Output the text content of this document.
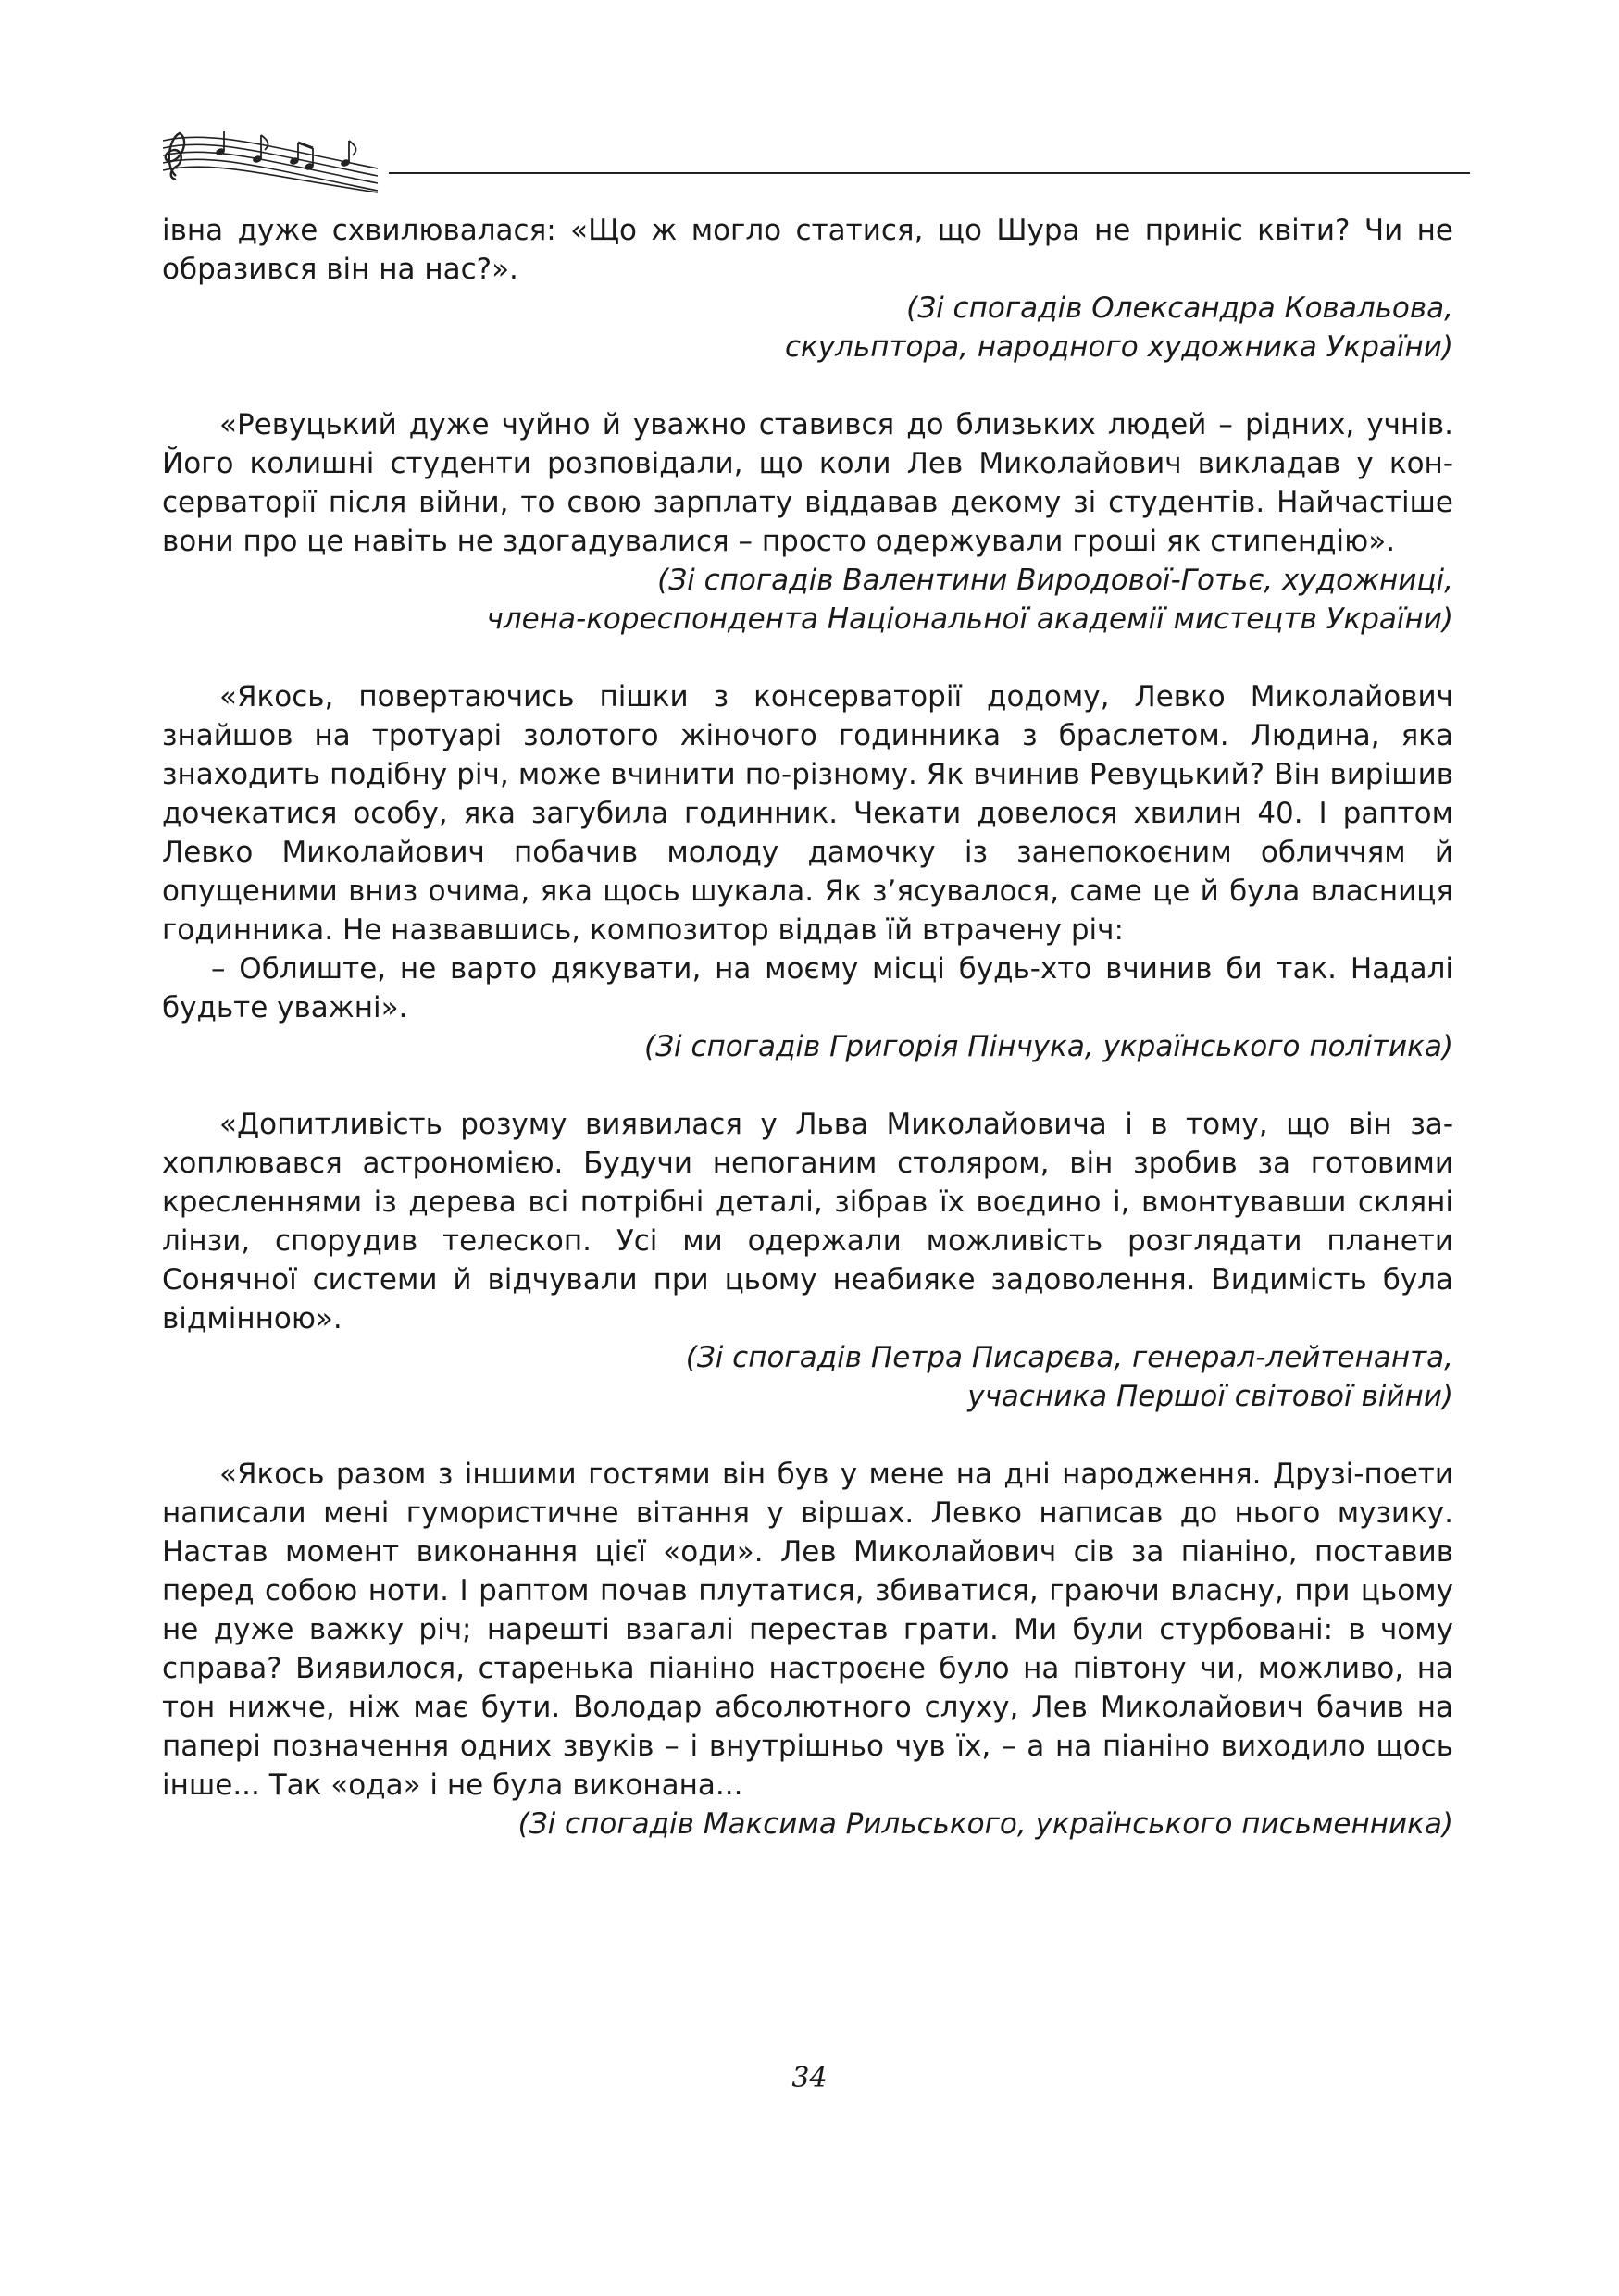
івна дуже схвилювалася: «Що ж могло статися, що Шура не приніс квіти? Чи не образився він на нас?».

(Зі спогадів Олександра Ковальова,

скульптора, народного художника України)

«Ревуцький дуже чуйно й уважно ставився до близьких людей – рідних, учнів. Його колишні студенти розповідали, що коли Лев Миколайович викладав у консерваторії після війни, то свою зарплату віддавав декому зі студентів. Найчастіше вони про це навіть не здогадувалися – просто одержували гроші як стипендію».

(Зі спогадів Валентини Виродової-Готьє, художниці,

члена-кореспондента Національної академії мистецтв України)

«Якось, повертаючись пішки з консерваторії додому, Левко Миколайович знайшов на тротуарі золотого жіночого годинника з браслетом. Людина, яка знаходить подібну річ, може вчинити по-різному. Як вчинив Ревуцький? Він вирішив дочекатися особу, яка загубила годинник. Чекати довелося хвилин 40. І раптом Левко Миколайович побачив молоду дамочку із занепокоєним обличчям й опущеними вниз очима, яка щось шукала. Як з’ясувалося, саме це й була власниця годинника. Не назвавшись, композитор віддав їй втрачену річ:

– Облиште, не варто дякувати, на моєму місці будь-хто вчинив би так. Надалі будьте уважні».

(Зі спогадів Григорія Пінчука, українського політика)

«Допитливість розуму виявилася у Льва Миколайовича і в тому, що він захоплювався астрономією. Будучи непоганим столяром, він зробив за готовими кресленнями із дерева всі потрібні деталі, зібрав їх воєдино і, вмонтувавши скляні лінзи, спорудив телескоп. Усі ми одержали можливість розглядати планети Сонячної системи й відчували при цьому неабияке задоволення. Видимість була відмінною».

(Зі спогадів Петра Писарєва, генерал-лейтенанта,

учасника Першої світової війни)

«Якось разом з іншими гостями він був у мене на дні народження. Друзі-поети написали мені гумористичне вітання у віршах. Левко написав до нього музику. Настав момент виконання цієї «оди». Лев Миколайович сів за піаніно, поставив перед собою ноти. І раптом почав плутатися, збиватися, граючи власну, при цьому не дуже важку річ; нарешті взагалі перестав грати. Ми були стурбовані: в чому справа? Виявилося, старенька піаніно настроєне було на півтону чи, можливо, на тон нижче, ніж має бути. Володар абсолютного слуху, Лев Миколайович бачив на папері позначення одних звуків – і внутрішньо чув їх, – а на піаніно виходило щось інше... Так «ода» і не була виконана...

(Зі спогадів Максима Рильського, українського письменника)

34
